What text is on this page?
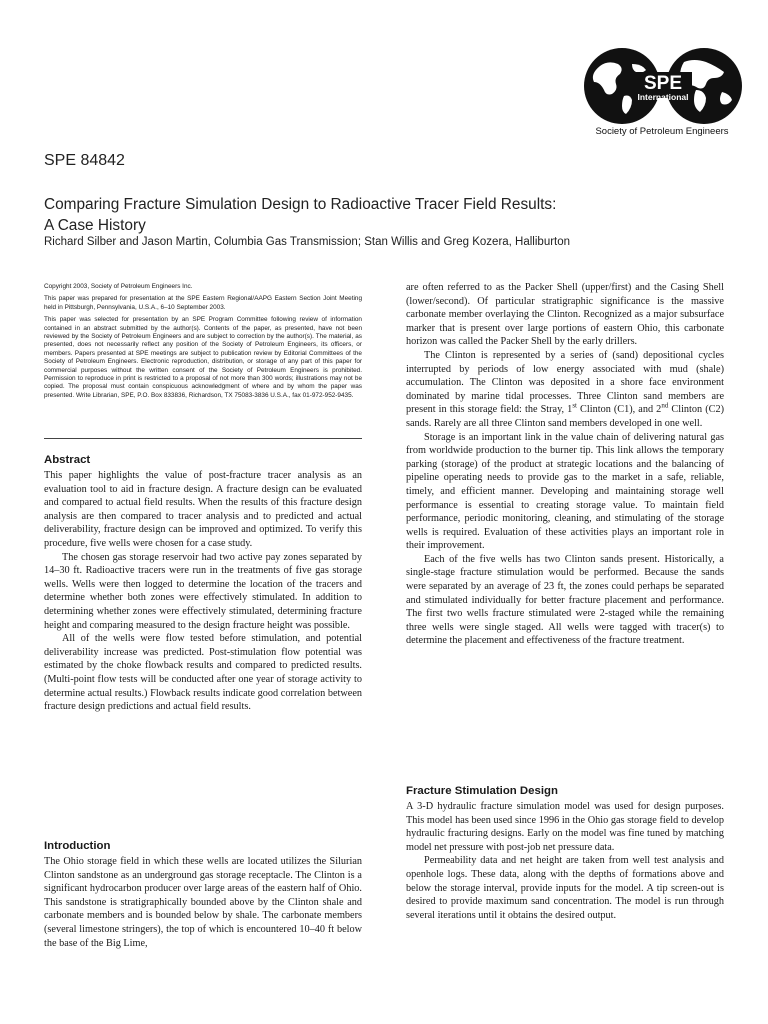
SPE
International
Society of Petroleum Engineers
SPE 84842
Comparing Fracture Simulation Design to Radioactive Tracer Field Results:
A Case History
Richard Silber and Jason Martin, Columbia Gas Transmission; Stan Willis and Greg Kozera, Halliburton

Copyright 2003, Society of Petroleum Engineers Inc.

This paper was prepared for presentation at the SPE Eastern Regional/AAPG Eastern Section Joint Meeting held in Pittsburgh, Pennsylvania, U.S.A., 6–10 September 2003.

This paper was selected for presentation by an SPE Program Committee following review of information contained in an abstract submitted by the author(s). Contents of the paper, as presented, have not been reviewed by the Society of Petroleum Engineers and are subject to correction by the author(s). The material, as presented, does not necessarily reflect any position of the Society of Petroleum Engineers, its officers, or members. Papers presented at SPE meetings are subject to publication review by Editorial Committees of the Society of Petroleum Engineers. Electronic reproduction, distribution, or storage of any part of this paper for commercial purposes without the written consent of the Society of Petroleum Engineers is prohibited. Permission to reproduce in print is restricted to a proposal of not more than 300 words; illustrations may not be copied. The proposal must contain conspicuous acknowledgment of where and by whom the paper was presented. Write Librarian, SPE, P.O. Box 833836, Richardson, TX 75083-3836 U.S.A., fax 01-972-952-9435.

Abstract

This paper highlights the value of post-fracture tracer analysis as an evaluation tool to aid in fracture design. A fracture design can be evaluated and compared to actual field results. When the results of this fracture design analysis are then compared to tracer analysis and to predicted and actual deliverability, fracture design can be improved and optimized. To verify this procedure, five wells were chosen for a case study.

The chosen gas storage reservoir had two active pay zones separated by 14–30 ft. Radioactive tracers were run in the treatments of five gas storage wells. Wells were then logged to determine the location of the tracers and determine whether both zones were effectively stimulated. In addition to determining whether zones were effectively stimulated, determining fracture height and comparing measured to the design fracture height was possible.

All of the wells were flow tested before stimulation, and potential deliverability increase was predicted. Post-stimulation flow potential was estimated by the choke flowback results and compared to predicted results. (Multi-point flow tests will be conducted after one year of storage activity to determine actual results.) Flowback results indicate good correlation between fracture design predictions and actual field results.

Introduction

The Ohio storage field in which these wells are located utilizes the Silurian Clinton sandstone as an underground gas storage receptacle. The Clinton is a significant hydrocarbon producer over large areas of the eastern half of Ohio. This sandstone is stratigraphically bounded above by the Clinton shale and carbonate members and is bounded below by shale. The carbonate members (several limestone stringers), the top of which is encountered 10–40 ft below the base of the Big Lime,

are often referred to as the Packer Shell (upper/first) and the Casing Shell (lower/second). Of particular stratigraphic significance is the massive carbonate member overlaying the Clinton. Recognized as a major subsurface marker that is present over large portions of eastern Ohio, this carbonate horizon was called the Packer Shell by the early drillers.

The Clinton is represented by a series of (sand) depositional cycles interrupted by periods of low energy associated with mud (shale) accumulation. The Clinton was deposited in a shore face environment dominated by marine tidal processes. Three Clinton sand members are present in this storage field: the Stray, 1st Clinton (C1), and 2nd Clinton (C2) sands. Rarely are all three Clinton sand members developed in one well.

Storage is an important link in the value chain of delivering natural gas from worldwide production to the burner tip. This link allows the temporary parking (storage) of the product at strategic locations and the balancing of pipeline operating needs to provide gas to the market in a safe, reliable, timely, and efficient manner. Developing and maintaining storage well performance is essential to creating storage value. To maintain field performance, periodic monitoring, cleaning, and stimulating of the storage wells is required. Evaluation of these activities plays an important role in their improvement.

Each of the five wells has two Clinton sands present. Historically, a single-stage fracture stimulation would be performed. Because the sands were separated by an average of 23 ft, the zones could perhaps be separated and stimulated individually for better fracture placement and performance. The first two wells fracture stimulated were 2-staged while the remaining three wells were single staged. All wells were tagged with tracer(s) to determine the placement and effectiveness of the fracture treatment.

Fracture Stimulation Design

A 3-D hydraulic fracture simulation model was used for design purposes. This model has been used since 1996 in the Ohio gas storage field to develop hydraulic fracturing designs. Early on the model was fine tuned by matching model net pressure with post-job net pressure data.

Permeability data and net height are taken from well test analysis and openhole logs. These data, along with the depths of formations above and below the storage interval, provide inputs for the model. A tip screen-out is desired to provide maximum sand concentration. The model is run through several iterations until it obtains the desired output.
